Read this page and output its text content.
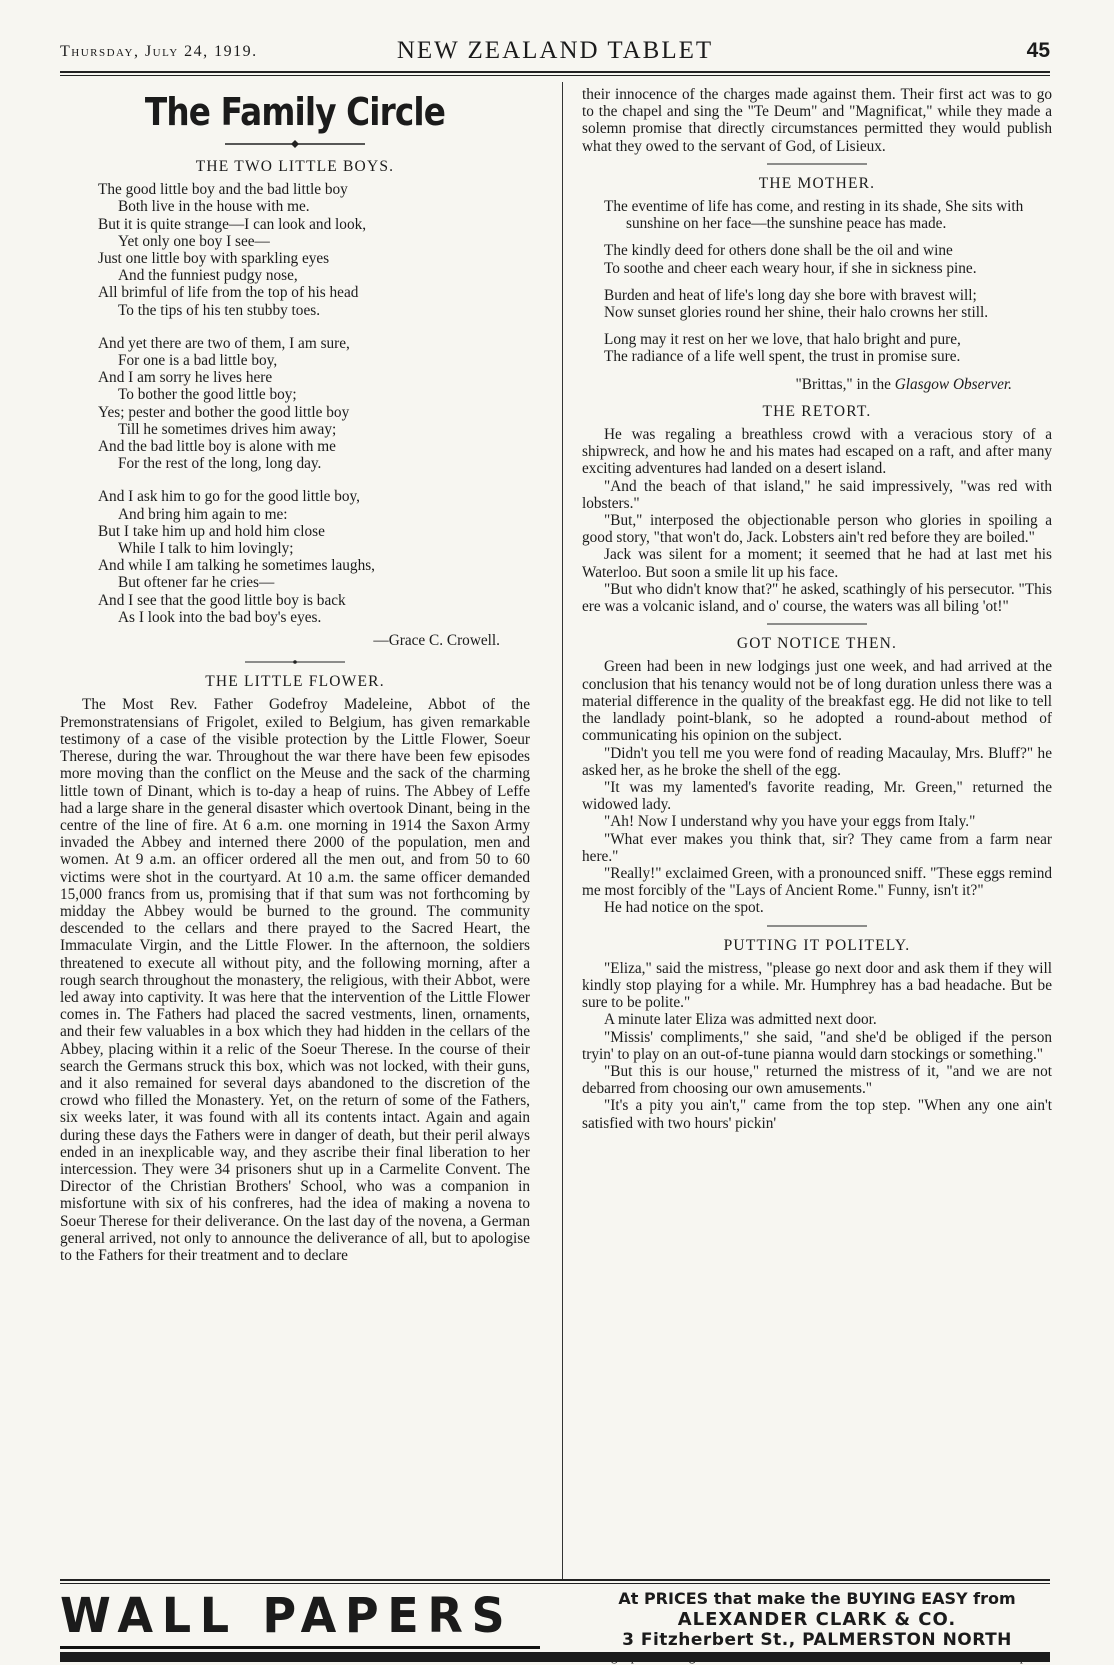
Thursday, July 24, 1919.	NEW ZEALAND TABLET	45
The Family Circle
THE TWO LITTLE BOYS.
The good little boy and the bad little boy
Both live in the house with me.
But it is quite strange—I can look and look,
Yet only one boy I see—
Just one little boy with sparkling eyes
And the funniest pudgy nose,
All brimful of life from the top of his head
To the tips of his ten stubby toes.
And yet there are two of them, I am sure,
For one is a bad little boy,
And I am sorry he lives here
To bother the good little boy;
Yes; pester and bother the good little boy
Till he sometimes drives him away;
And the bad little boy is alone with me
For the rest of the long, long day.
And I ask him to go for the good little boy,
And bring him again to me:
But I take him up and hold him close
While I talk to him lovingly;
And while I am talking he sometimes laughs,
But oftener far he cries—
And I see that the good little boy is back
As I look into the bad boy's eyes.
—Grace C. Crowell.
THE LITTLE FLOWER.

The Most Rev. Father Godefroy Madeleine, Abbot of the Premonstratensians of Frigolet, exiled to Belgium, has given remarkable testimony of a case of the visible protection by the Little Flower, Soeur Therese, during the war. Throughout the war there have been few episodes more moving than the conflict on the Meuse and the sack of the charming little town of Dinant, which is to-day a heap of ruins. The Abbey of Leffe had a large share in the general disaster which overtook Dinant, being in the centre of the line of fire. At 6 a.m. one morning in 1914 the Saxon Army invaded the Abbey and interned there 2000 of the population, men and women. At 9 a.m. an officer ordered all the men out, and from 50 to 60 victims were shot in the courtyard. At 10 a.m. the same officer demanded 15,000 francs from us, promising that if that sum was not forthcoming by midday the Abbey would be burned to the ground. The community descended to the cellars and there prayed to the Sacred Heart, the Immaculate Virgin, and the Little Flower. In the afternoon, the soldiers threatened to execute all without pity, and the following morning, after a rough search throughout the monastery, the religious, with their Abbot, were led away into captivity. It was here that the intervention of the Little Flower comes in. The Fathers had placed the sacred vestments, linen, ornaments, and their few valuables in a box which they had hidden in the cellars of the Abbey, placing within it a relic of the Soeur Therese. In the course of their search the Germans struck this box, which was not locked, with their guns, and it also remained for several days abandoned to the discretion of the crowd who filled the Monastery. Yet, on the return of some of the Fathers, six weeks later, it was found with all its contents intact. Again and again during these days the Fathers were in danger of death, but their peril always ended in an inexplicable way, and they ascribe their final liberation to her intercession. They were 34 prisoners shut up in a Carmelite Convent. The Director of the Christian Brothers' School, who was a companion in misfortune with six of his confreres, had the idea of making a novena to Soeur Therese for their deliverance. On the last day of the novena, a German general arrived, not only to announce the deliverance of all, but to apologise to the Fathers for their treatment and to declare

their innocence of the charges made against them. Their first act was to go to the chapel and sing the "Te Deum" and "Magnificat," while they made a solemn promise that directly circumstances permitted they would publish what they owed to the servant of God, of Lisieux.

THE MOTHER.
The eventime of life has come, and resting in its shade, She sits with sunshine on her face—the sunshine peace has made.
The kindly deed for others done shall be the oil and wine
To soothe and cheer each weary hour, if she in sickness pine.
Burden and heat of life's long day she bore with bravest will;
Now sunset glories round her shine, their halo crowns her still.
Long may it rest on her we love, that halo bright and pure,
The radiance of a life well spent, the trust in promise sure.
"Brittas," in the Glasgow Observer.
THE RETORT.

He was regaling a breathless crowd with a veracious story of a shipwreck, and how he and his mates had escaped on a raft, and after many exciting adventures had landed on a desert island.

"And the beach of that island," he said impressively, "was red with lobsters."

"But," interposed the objectionable person who glories in spoiling a good story, "that won't do, Jack. Lobsters ain't red before they are boiled."

Jack was silent for a moment; it seemed that he had at last met his Waterloo. But soon a smile lit up his face.

"But who didn't know that?" he asked, scathingly of his persecutor. "This ere was a volcanic island, and o' course, the waters was all biling 'ot!"

GOT NOTICE THEN.

Green had been in new lodgings just one week, and had arrived at the conclusion that his tenancy would not be of long duration unless there was a material difference in the quality of the breakfast egg. He did not like to tell the landlady point-blank, so he adopted a round-about method of communicating his opinion on the subject.

"Didn't you tell me you were fond of reading Macaulay, Mrs. Bluff?" he asked her, as he broke the shell of the egg.

"It was my lamented's favorite reading, Mr. Green," returned the widowed lady.

"Ah! Now I understand why you have your eggs from Italy."

"What ever makes you think that, sir? They came from a farm near here."

"Really!" exclaimed Green, with a pronounced sniff. "These eggs remind me most forcibly of the "Lays of Ancient Rome." Funny, isn't it?"

He had notice on the spot.

PUTTING IT POLITELY.

"Eliza," said the mistress, "please go next door and ask them if they will kindly stop playing for a while. Mr. Humphrey has a bad headache. But be sure to be polite."

A minute later Eliza was admitted next door.

"Missis' compliments," she said, "and she'd be obliged if the person tryin' to play on an out-of-tune pianna would darn stockings or something."

"But this is our house," returned the mistress of it, "and we are not debarred from choosing our own amusements."

"It's a pity you ain't," came from the top step. "When any one ain't satisfied with two hours' pickin'

WALL PAPERS	At PRICES that make the BUYING EASY from
ALEXANDER CLARK & CO.
3 Fitzherbert St., PALMERSTON NORTH
